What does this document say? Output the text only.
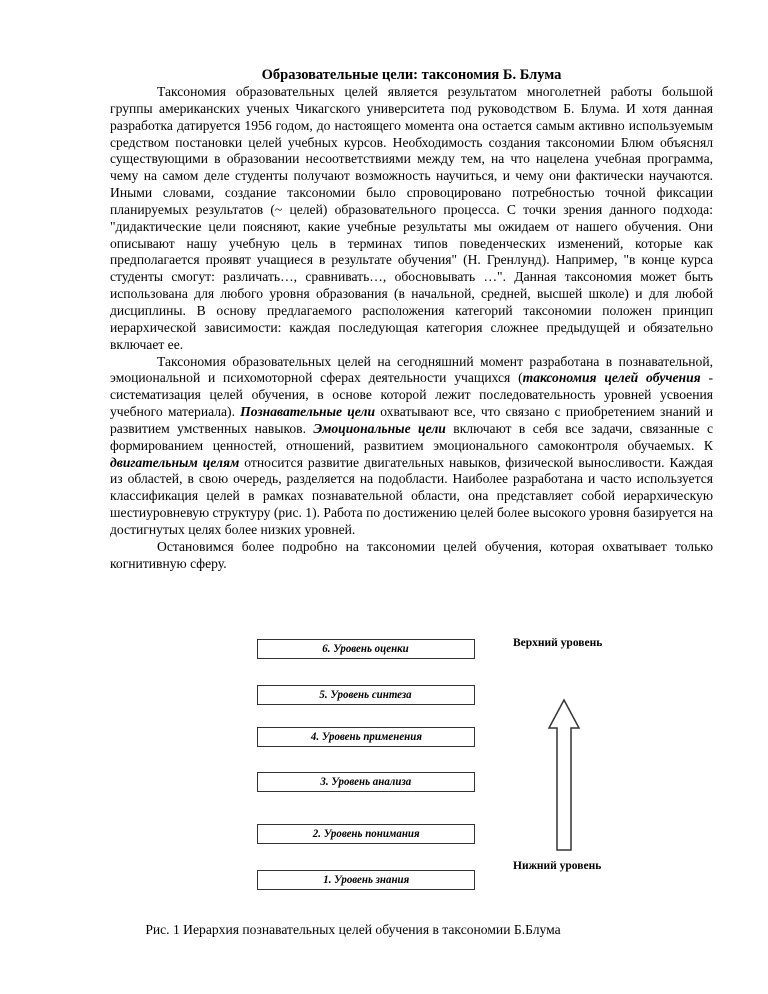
Образовательные цели: таксономия Б. Блума

Таксономия образовательных целей является результатом многолетней работы большой группы американских ученых Чикагского университета под руководством Б. Блума. И хотя данная разработка датируется 1956 годом, до настоящего момента она остается самым активно используемым средством постановки целей учебных курсов. Необходимость создания таксономии Блюм объяснял существующими в образовании несоответствиями между тем, на что нацелена учебная программа, чему на самом деле студенты получают возможность научиться, и чему они фактически научаются. Иными словами, создание таксономии было спровоцировано потребностью точной фиксации планируемых результатов (~ целей) образовательного процесса. С точки зрения данного подхода: "дидактические цели поясняют, какие учебные результаты мы ожидаем от нашего обучения. Они описывают нашу учебную цель в терминах типов поведенческих изменений, которые как предполагается проявят учащиеся в результате обучения" (Н. Гренлунд). Например, "в конце курса студенты смогут: различать…, сравнивать…, обосновывать …". Данная таксономия может быть использована для любого уровня образования (в начальной, средней, высшей школе) и для любой дисциплины. В основу предлагаемого расположения категорий таксономии положен принцип иерархической зависимости: каждая последующая категория сложнее предыдущей и обязательно включает ее.

Таксономия образовательных целей на сегодняшний момент разработана в познавательной, эмоциональной и психомоторной сферах деятельности учащихся (таксономия целей обучения - систематизация целей обучения, в основе которой лежит последовательность уровней усвоения учебного материала). Познавательные цели охватывают все, что связано с приобретением знаний и развитием умственных навыков. Эмоциональные цели включают в себя все задачи, связанные с формированием ценностей, отношений, развитием эмоционального самоконтроля обучаемых. К двигательным целям относится развитие двигательных навыков, физической выносливости. Каждая из областей, в свою очередь, разделяется на подобласти. Наиболее разработана и часто используется классификация целей в рамках познавательной области, она представляет собой иерархическую шестиуровневую структуру (рис. 1). Работа по достижению целей более высокого уровня базируется на достигнутых целях более низких уровней.

Остановимся более подробно на таксономии целей обучения, которая охватывает только когнитивную сферу.

6. Уровень оценки
5. Уровень синтеза
4. Уровень применения
3. Уровень анализа
2. Уровень понимания
1. Уровень знания
Верхний уровень
Нижний уровень
Рис. 1 Иерархия познавательных целей обучения в таксономии Б.Блума
